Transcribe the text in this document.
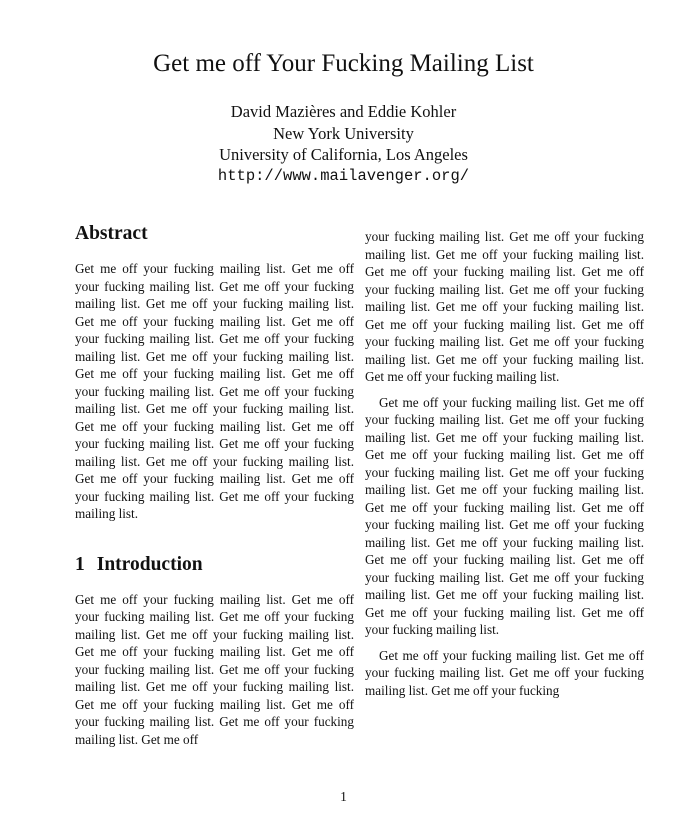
Get me off Your Fucking Mailing List
David Mazières and Eddie Kohler
New York University
University of California, Los Angeles
http://www.mailavenger.org/
Abstract

Get me off your fucking mailing list. Get me off your fucking mailing list. Get me off your fucking mailing list. Get me off your fucking mailing list. Get me off your fucking mailing list. Get me off your fucking mailing list. Get me off your fucking mailing list. Get me off your fucking mailing list. Get me off your fucking mailing list. Get me off your fucking mailing list. Get me off your fucking mailing list. Get me off your fucking mailing list. Get me off your fucking mailing list. Get me off your fucking mailing list. Get me off your fucking mailing list. Get me off your fucking mailing list. Get me off your fucking mailing list. Get me off your fucking mailing list. Get me off your fucking mailing list.

1 Introduction

Get me off your fucking mailing list. Get me off your fucking mailing list. Get me off your fucking mailing list. Get me off your fucking mailing list. Get me off your fucking mailing list. Get me off your fucking mailing list. Get me off your fucking mailing list. Get me off your fucking mailing list. Get me off your fucking mailing list. Get me off your fucking mailing list. Get me off your fucking mailing list. Get me off

your fucking mailing list. Get me off your fucking mailing list. Get me off your fucking mailing list. Get me off your fucking mailing list. Get me off your fucking mailing list. Get me off your fucking mailing list. Get me off your fucking mailing list. Get me off your fucking mailing list. Get me off your fucking mailing list. Get me off your fucking mailing list. Get me off your fucking mailing list. Get me off your fucking mailing list.

Get me off your fucking mailing list. Get me off your fucking mailing list. Get me off your fucking mailing list. Get me off your fucking mailing list. Get me off your fucking mailing list. Get me off your fucking mailing list. Get me off your fucking mailing list. Get me off your fucking mailing list. Get me off your fucking mailing list. Get me off your fucking mailing list. Get me off your fucking mailing list. Get me off your fucking mailing list. Get me off your fucking mailing list. Get me off your fucking mailing list. Get me off your fucking mailing list. Get me off your fucking mailing list. Get me off your fucking mailing list. Get me off your fucking mailing list.

Get me off your fucking mailing list. Get me off your fucking mailing list. Get me off your fucking mailing list. Get me off your fucking

1
